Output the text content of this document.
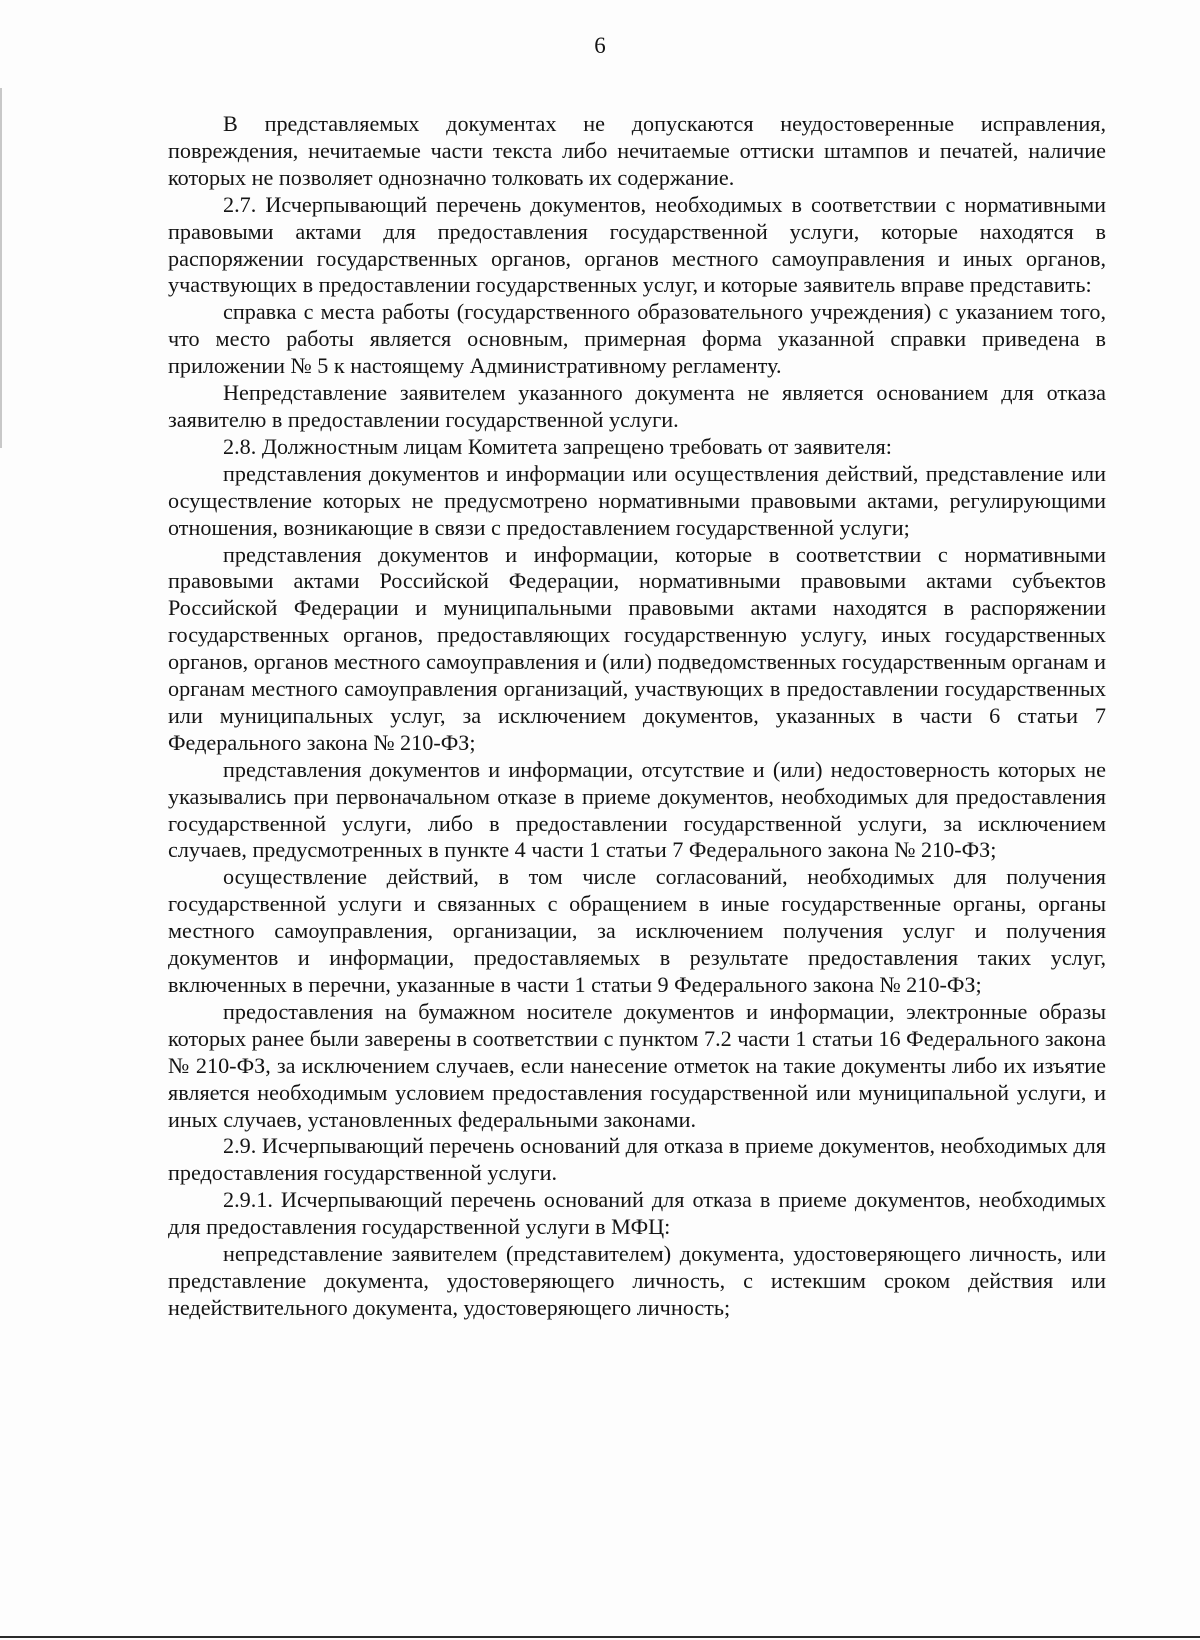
6

В представляемых документах не допускаются неудостоверенные исправления, повреждения, нечитаемые части текста либо нечитаемые оттиски штампов и печатей, наличие которых не позволяет однозначно толковать их содержание.

2.7. Исчерпывающий перечень документов, необходимых в соответствии с нормативными правовыми актами для предоставления государственной услуги, которые находятся в распоряжении государственных органов, органов местного самоуправления и иных органов, участвующих в предоставлении государственных услуг, и которые заявитель вправе представить:

справка с места работы (государственного образовательного учреждения) с указанием того, что место работы является основным, примерная форма указанной справки приведена в приложении № 5 к настоящему Административному регламенту.

Непредставление заявителем указанного документа не является основанием для отказа заявителю в предоставлении государственной услуги.

2.8. Должностным лицам Комитета запрещено требовать от заявителя:

представления документов и информации или осуществления действий, представление или осуществление которых не предусмотрено нормативными правовыми актами, регулирующими отношения, возникающие в связи с предоставлением государственной услуги;

представления документов и информации, которые в соответствии с нормативными правовыми актами Российской Федерации, нормативными правовыми актами субъектов Российской Федерации и муниципальными правовыми актами находятся в распоряжении государственных органов, предоставляющих государственную услугу, иных государственных органов, органов местного самоуправления и (или) подведомственных государственным органам и органам местного самоуправления организаций, участвующих в предоставлении государственных или муниципальных услуг, за исключением документов, указанных в части 6 статьи 7 Федерального закона № 210-ФЗ;

представления документов и информации, отсутствие и (или) недостоверность которых не указывались при первоначальном отказе в приеме документов, необходимых для предоставления государственной услуги, либо в предоставлении государственной услуги, за исключением случаев, предусмотренных в пункте 4 части 1 статьи 7 Федерального закона № 210-ФЗ;

осуществление действий, в том числе согласований, необходимых для получения государственной услуги и связанных с обращением в иные государственные органы, органы местного самоуправления, организации, за исключением получения услуг и получения документов и информации, предоставляемых в результате предоставления таких услуг, включенных в перечни, указанные в части 1 статьи 9 Федерального закона № 210-ФЗ;

предоставления на бумажном носителе документов и информации, электронные образы которых ранее были заверены в соответствии с пунктом 7.2 части 1 статьи 16 Федерального закона № 210-ФЗ, за исключением случаев, если нанесение отметок на такие документы либо их изъятие является необходимым условием предоставления государственной или муниципальной услуги, и иных случаев, установленных федеральными законами.

2.9. Исчерпывающий перечень оснований для отказа в приеме документов, необходимых для предоставления государственной услуги.

2.9.1. Исчерпывающий перечень оснований для отказа в приеме документов, необходимых для предоставления государственной услуги в МФЦ:

непредставление заявителем (представителем) документа, удостоверяющего личность, или представление документа, удостоверяющего личность, с истекшим сроком действия или недействительного документа, удостоверяющего личность;
